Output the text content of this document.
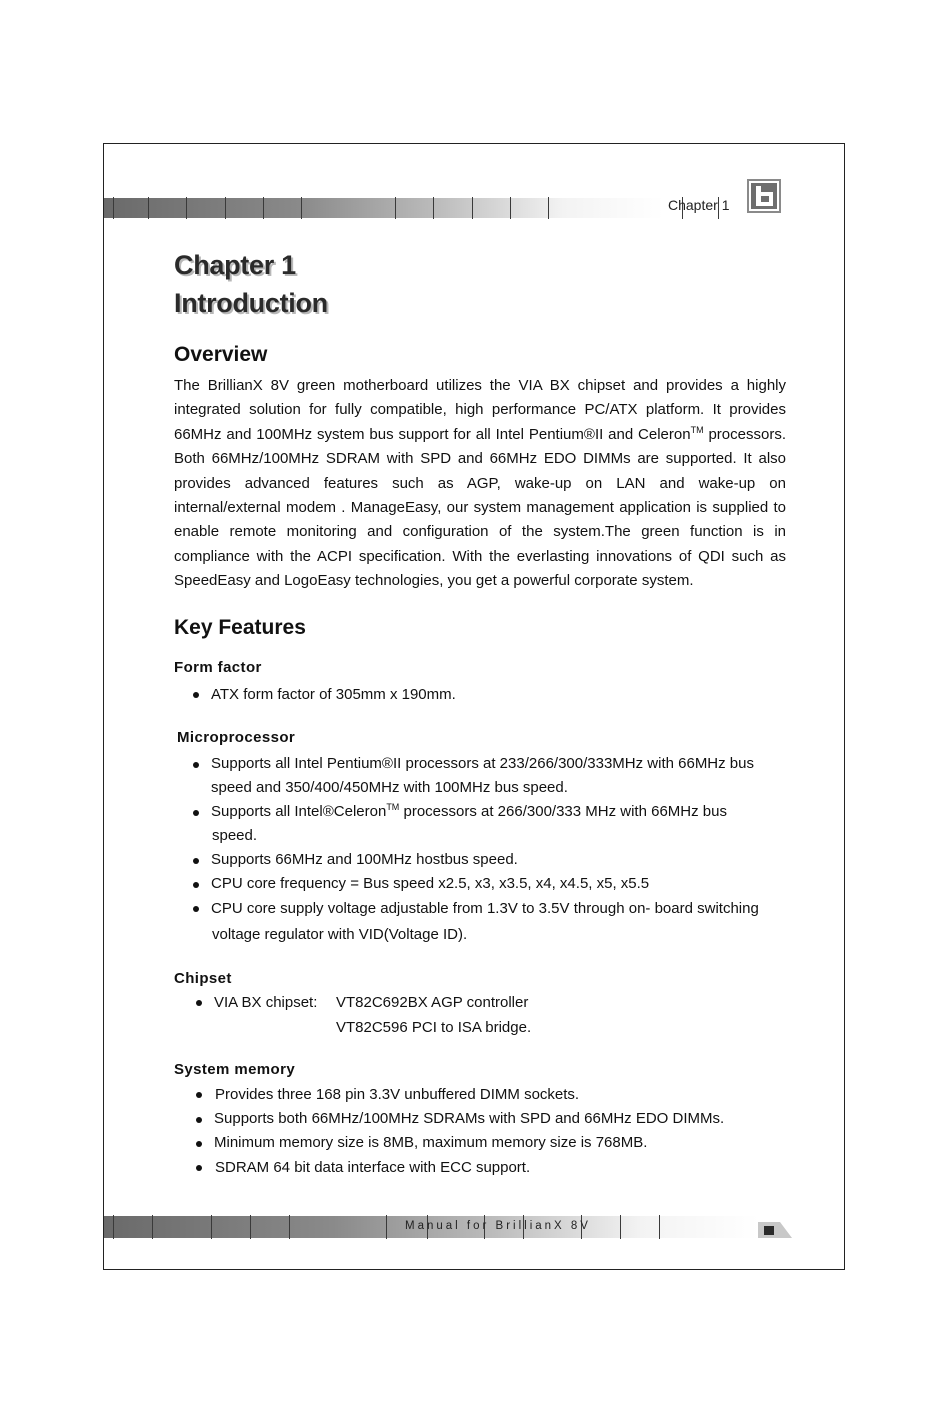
Chapter 1
Chapter 1
Introduction
Overview

The BrillianX 8V green motherboard utilizes the VIA BX chipset and provides a highly integrated solution for fully compatible, high performance PC/ATX platform. It provides 66MHz and 100MHz system bus support for all Intel Pentium®II and Celeron™ processors. Both 66MHz/100MHz SDRAM with SPD and 66MHz EDO DIMMs are supported. It also provides advanced features such as AGP, wake-up on LAN and wake-up on internal/external modem . ManageEasy, our system management application is supplied to enable remote monitoring and configuration of the system.The green function is in compliance with the ACPI specification. With the everlasting innovations of QDI such as SpeedEasy and LogoEasy technologies, you get a powerful corporate system.

Key Features
Form factor
ATX form factor of 305mm x 190mm.
Microprocessor
Supports all Intel Pentium®II processors at 233/266/300/333MHz with 66MHz bus
speed and 350/400/450MHz with 100MHz bus speed.
Supports all Intel®Celeron™ processors at 266/300/333 MHz with 66MHz bus
speed.
Supports 66MHz and 100MHz hostbus speed.
CPU core frequency = Bus speed x2.5, x3, x3.5, x4, x4.5, x5, x5.5
CPU core supply voltage adjustable from 1.3V to 3.5V through on- board switching
voltage regulator with VID(Voltage ID).
Chipset
VIA BX chipset: VT82C692BX AGP controller
VT82C596 PCI to ISA bridge.
System memory
Provides three 168 pin 3.3V unbuffered DIMM sockets.
Supports both 66MHz/100MHz SDRAMs with SPD and 66MHz EDO DIMMs.
Minimum memory size is 8MB, maximum memory size is 768MB.
SDRAM 64 bit data interface with ECC support.
Manual for BrillianX 8V
